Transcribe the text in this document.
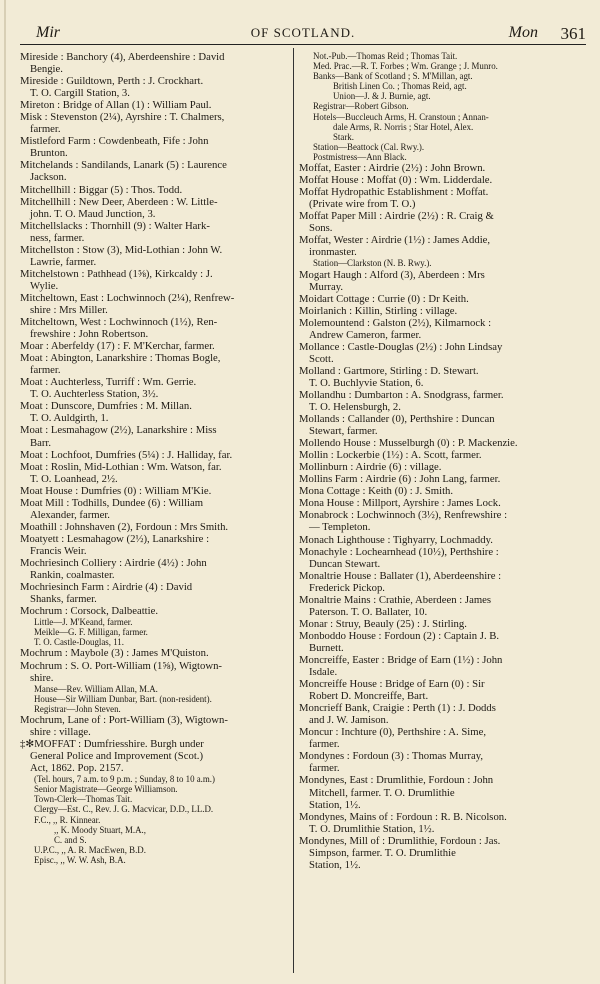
Mir	OF SCOTLAND.	Mon 361
Mireside : Banchory (4), Aberdeenshire : David
Bengie.
Mireside : Guildtown, Perth : J. Crockhart.
T. O. Cargill Station, 3.
Mireton : Bridge of Allan (1) : William Paul.
Misk : Stevenston (2¼), Ayrshire : T. Chalmers,
farmer.
Mistleford Farm : Cowdenbeath, Fife : John
Brunton.
Mitchelands : Sandilands, Lanark (5) : Laurence
Jackson.
Mitchellhill : Biggar (5) : Thos. Todd.
Mitchellhill : New Deer, Aberdeen : W. Little-
john. T. O. Maud Junction, 3.
Mitchellslacks : Thornhill (9) : Walter Hark-
ness, farmer.
Mitchellston : Stow (3), Mid-Lothian : John W.
Lawrie, farmer.
Mitchelstown : Pathhead (1⅝), Kirkcaldy : J.
Wylie.
Mitcheltown, East : Lochwinnoch (2¼), Renfrew-
shire : Mrs Miller.
Mitcheltown, West : Lochwinnoch (1½), Ren-
frewshire : John Robertson.
Moar : Aberfeldy (17) : F. M'Kerchar, farmer.
Moat : Abington, Lanarkshire : Thomas Bogle,
farmer.
Moat : Auchterless, Turriff : Wm. Gerrie.
T. O. Auchterless Station, 3½.
Moat : Dunscore, Dumfries : M. Millan.
T. O. Auldgirth, 1.
Moat : Lesmahagow (2½), Lanarkshire : Miss
Barr.
Moat : Lochfoot, Dumfries (5¼) : J. Halliday, far.
Moat : Roslin, Mid-Lothian : Wm. Watson, far.
T. O. Loanhead, 2½.
Moat House : Dumfries (0) : William M'Kie.
Moat Mill : Todhills, Dundee (6) : William
Alexander, farmer.
Moathill : Johnshaven (2), Fordoun : Mrs Smith.
Moatyett : Lesmahagow (2½), Lanarkshire :
Francis Weir.
Mochriesinch Colliery : Airdrie (4½) : John
Rankin, coalmaster.
Mochriesinch Farm : Airdrie (4) : David
Shanks, farmer.
Mochrum : Corsock, Dalbeattie.
Little—J. M'Keand, farmer.
Meikle—G. F. Milligan, farmer.
T. O. Castle-Douglas, 11.
Mochrum : Maybole (3) : James M'Quiston.
Mochrum : S. O. Port-William (1⅝), Wigtown-
shire.
Manse—Rev. William Allan, M.A.
House—Sir William Dunbar, Bart. (non-resident).
Registrar—John Steven.
Mochrum, Lane of : Port-William (3), Wigtown-
shire : village.
‡✻MOFFAT : Dumfriesshire. Burgh under
General Police and Improvement (Scot.)
Act, 1862. Pop. 2157.
(Tel. hours, 7 a.m. to 9 p.m. ; Sunday, 8 to 10 a.m.)
Senior Magistrate—George Williamson.
Town-Clerk—Thomas Tait.
Clergy—Est. C., Rev. J. G. Macvicar, D.D., LL.D.
F.C., ,, R. Kinnear.
,, K. Moody Stuart, M.A.,
C. and S.
U.P.C., ,, A. R. MacEwen, B.D.
Episc., ,, W. W. Ash, B.A.
Not.-Pub.—Thomas Reid ; Thomas Tait.
Med. Prac.—R. T. Forbes ; Wm. Grange ; J. Munro.
Banks—Bank of Scotland ; S. M'Millan, agt.
British Linen Co. ; Thomas Reid, agt.
Union—J. & J. Burnie, agt.
Registrar—Robert Gibson.
Hotels—Buccleuch Arms, H. Cranstoun ; Annan-
dale Arms, R. Norris ; Star Hotel, Alex.
Stark.
Station—Beattock (Cal. Rwy.).
Postmistress—Ann Black.
Moffat, Easter : Airdrie (2½) : John Brown.
Moffat House : Moffat (0) : Wm. Lidderdale.
Moffat Hydropathic Establishment : Moffat.
(Private wire from T. O.)
Moffat Paper Mill : Airdrie (2½) : R. Craig &
Sons.
Moffat, Wester : Airdrie (1½) : James Addie,
ironmaster.
Station—Clarkston (N. B. Rwy.).
Mogart Haugh : Alford (3), Aberdeen : Mrs
Murray.
Moidart Cottage : Currie (0) : Dr Keith.
Moirlanich : Killin, Stirling : village.
Molemountend : Galston (2½), Kilmarnock :
Andrew Cameron, farmer.
Mollance : Castle-Douglas (2½) : John Lindsay
Scott.
Molland : Gartmore, Stirling : D. Stewart.
T. O. Buchlyvie Station, 6.
Mollandhu : Dumbarton : A. Snodgrass, farmer.
T. O. Helensburgh, 2.
Mollands : Callander (0), Perthshire : Duncan
Stewart, farmer.
Mollendo House : Musselburgh (0) : P. Mackenzie.
Mollin : Lockerbie (1½) : A. Scott, farmer.
Mollinburn : Airdrie (6) : village.
Mollins Farm : Airdrie (6) : John Lang, farmer.
Mona Cottage : Keith (0) : J. Smith.
Mona House : Millport, Ayrshire : James Lock.
Monabrock : Lochwinnoch (3½), Renfrewshire :
— Templeton.
Monach Lighthouse : Tighyarry, Lochmaddy.
Monachyle : Lochearnhead (10½), Perthshire :
Duncan Stewart.
Monaltrie House : Ballater (1), Aberdeenshire :
Frederick Pickop.
Monaltrie Mains : Crathie, Aberdeen : James
Paterson. T. O. Ballater, 10.
Monar : Struy, Beauly (25) : J. Stirling.
Monboddo House : Fordoun (2) : Captain J. B.
Burnett.
Moncreiffe, Easter : Bridge of Earn (1½) : John
Isdale.
Moncreiffe House : Bridge of Earn (0) : Sir
Robert D. Moncreiffe, Bart.
Moncrieff Bank, Craigie : Perth (1) : J. Dodds
and J. W. Jamison.
Moncur : Inchture (0), Perthshire : A. Sime,
farmer.
Mondynes : Fordoun (3) : Thomas Murray,
farmer.
Mondynes, East : Drumlithie, Fordoun : John
Mitchell, farmer. T. O. Drumlithie
Station, 1½.
Mondynes, Mains of : Fordoun : R. B. Nicolson.
T. O. Drumlithie Station, 1½.
Mondynes, Mill of : Drumlithie, Fordoun : Jas.
Simpson, farmer. T. O. Drumlithie
Station, 1½.
